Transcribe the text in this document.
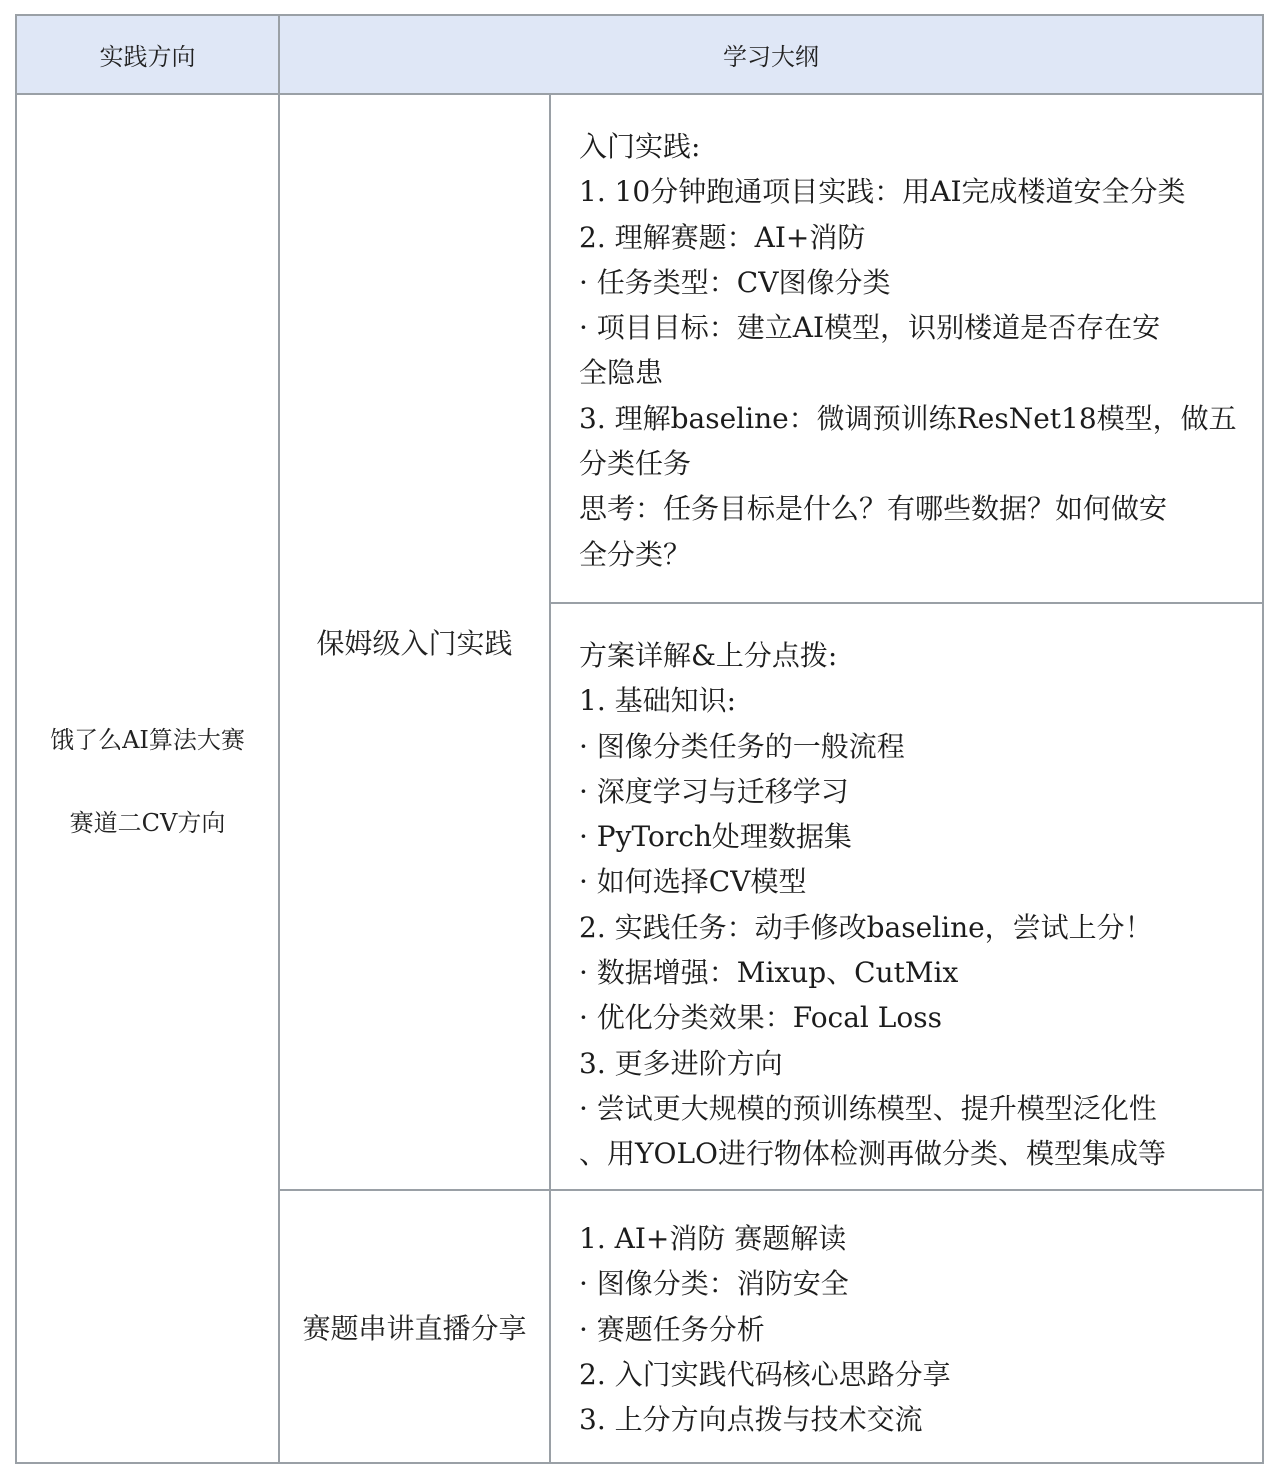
实践方向	学习大纲
饿了么AI算法大赛
赛道二CV方向
保姆级入门实践
赛题串讲直播分享
入门实践:
1. 10分钟跑通项目实践：用AI完成楼道安全分类
2. 理解赛题：AI+消防
· 任务类型：CV图像分类
· 项目目标：建立AI模型，识别楼道是否存在安
全隐患
3. 理解baseline：微调预训练ResNet18模型，做五
分类任务
思考：任务目标是什么？有哪些数据？如何做安
全分类？
方案详解&上分点拨:
1. 基础知识:
· 图像分类任务的一般流程
· 深度学习与迁移学习
· PyTorch处理数据集
· 如何选择CV模型
2. 实践任务：动手修改baseline，尝试上分！
· 数据增强：Mixup、CutMix
· 优化分类效果：Focal Loss
3. 更多进阶方向
· 尝试更大规模的预训练模型、提升模型泛化性
、用YOLO进行物体检测再做分类、模型集成等
1. AI+消防 赛题解读
· 图像分类：消防安全
· 赛题任务分析
2. 入门实践代码核心思路分享
3. 上分方向点拨与技术交流
